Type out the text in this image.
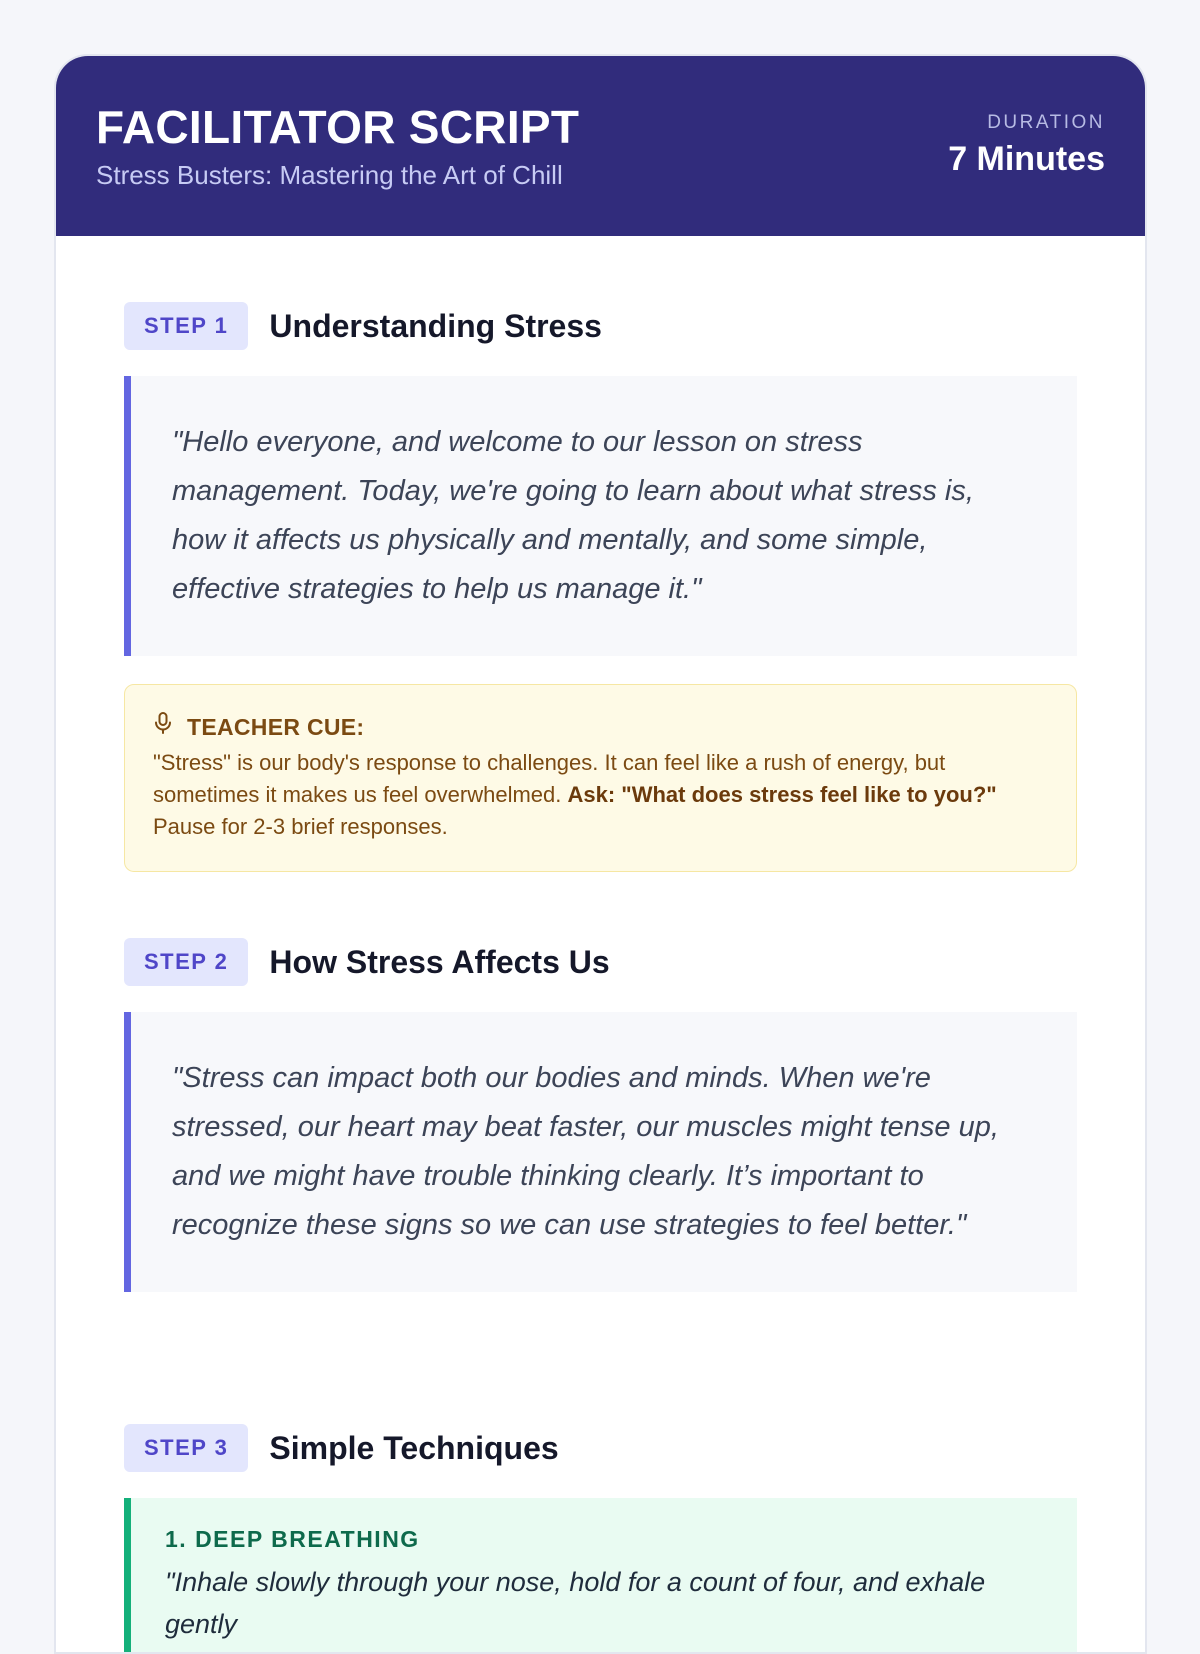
FACILITATOR SCRIPT
Stress Busters: Mastering the Art of Chill
DURATION
7 Minutes
STEP 1	Understanding Stress
"Hello everyone, and welcome to our lesson on stress management. Today, we're going to learn about what stress is, how it affects us physically and mentally, and some simple, effective strategies to help us manage it."
TEACHER CUE:
"Stress" is our body's response to challenges. It can feel like a rush of energy, but sometimes it makes us feel overwhelmed. Ask: "What does stress feel like to you?" Pause for 2-3 brief responses.
STEP 2	How Stress Affects Us
"Stress can impact both our bodies and minds. When we're stressed, our heart may beat faster, our muscles might tense up, and we might have trouble thinking clearly. It’s important to recognize these signs so we can use strategies to feel better."
STEP 3	Simple Techniques
1. DEEP BREATHING
"Inhale slowly through your nose, hold for a count of four, and exhale gently
